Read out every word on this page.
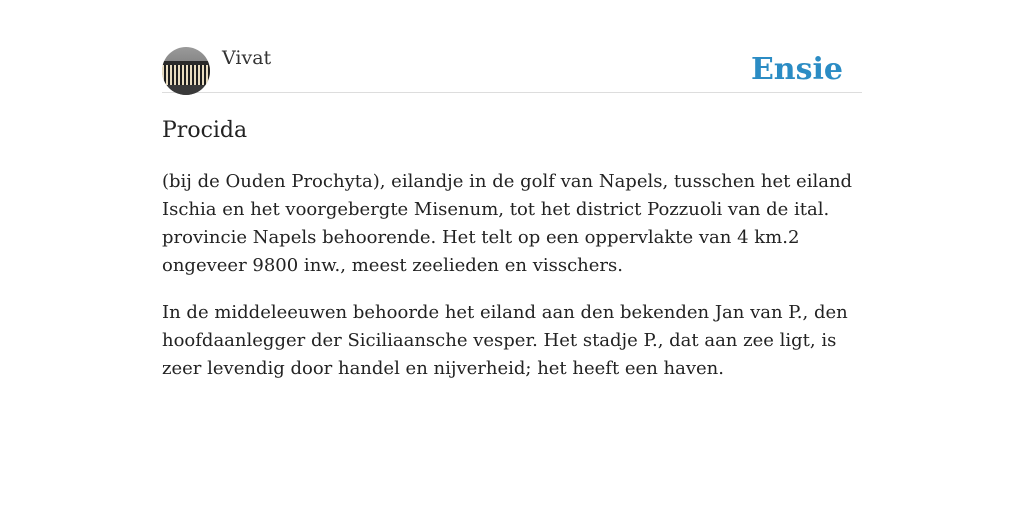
Vivat	Ensie
Procida

(bij de Ouden Prochyta), eilandje in de golf van Napels, tusschen het eiland Ischia en het voorgebergte Misenum, tot het district Pozzuoli van de ital. provincie Napels behoorende. Het telt op een oppervlakte van 4 km.2 ongeveer 9800 inw., meest zeelieden en visschers.

In de middeleeuwen behoorde het eiland aan den bekenden Jan van P., den hoofdaanlegger der Siciliaansche vesper. Het stadje P., dat aan zee ligt, is zeer levendig door handel en nijverheid; het heeft een haven.
